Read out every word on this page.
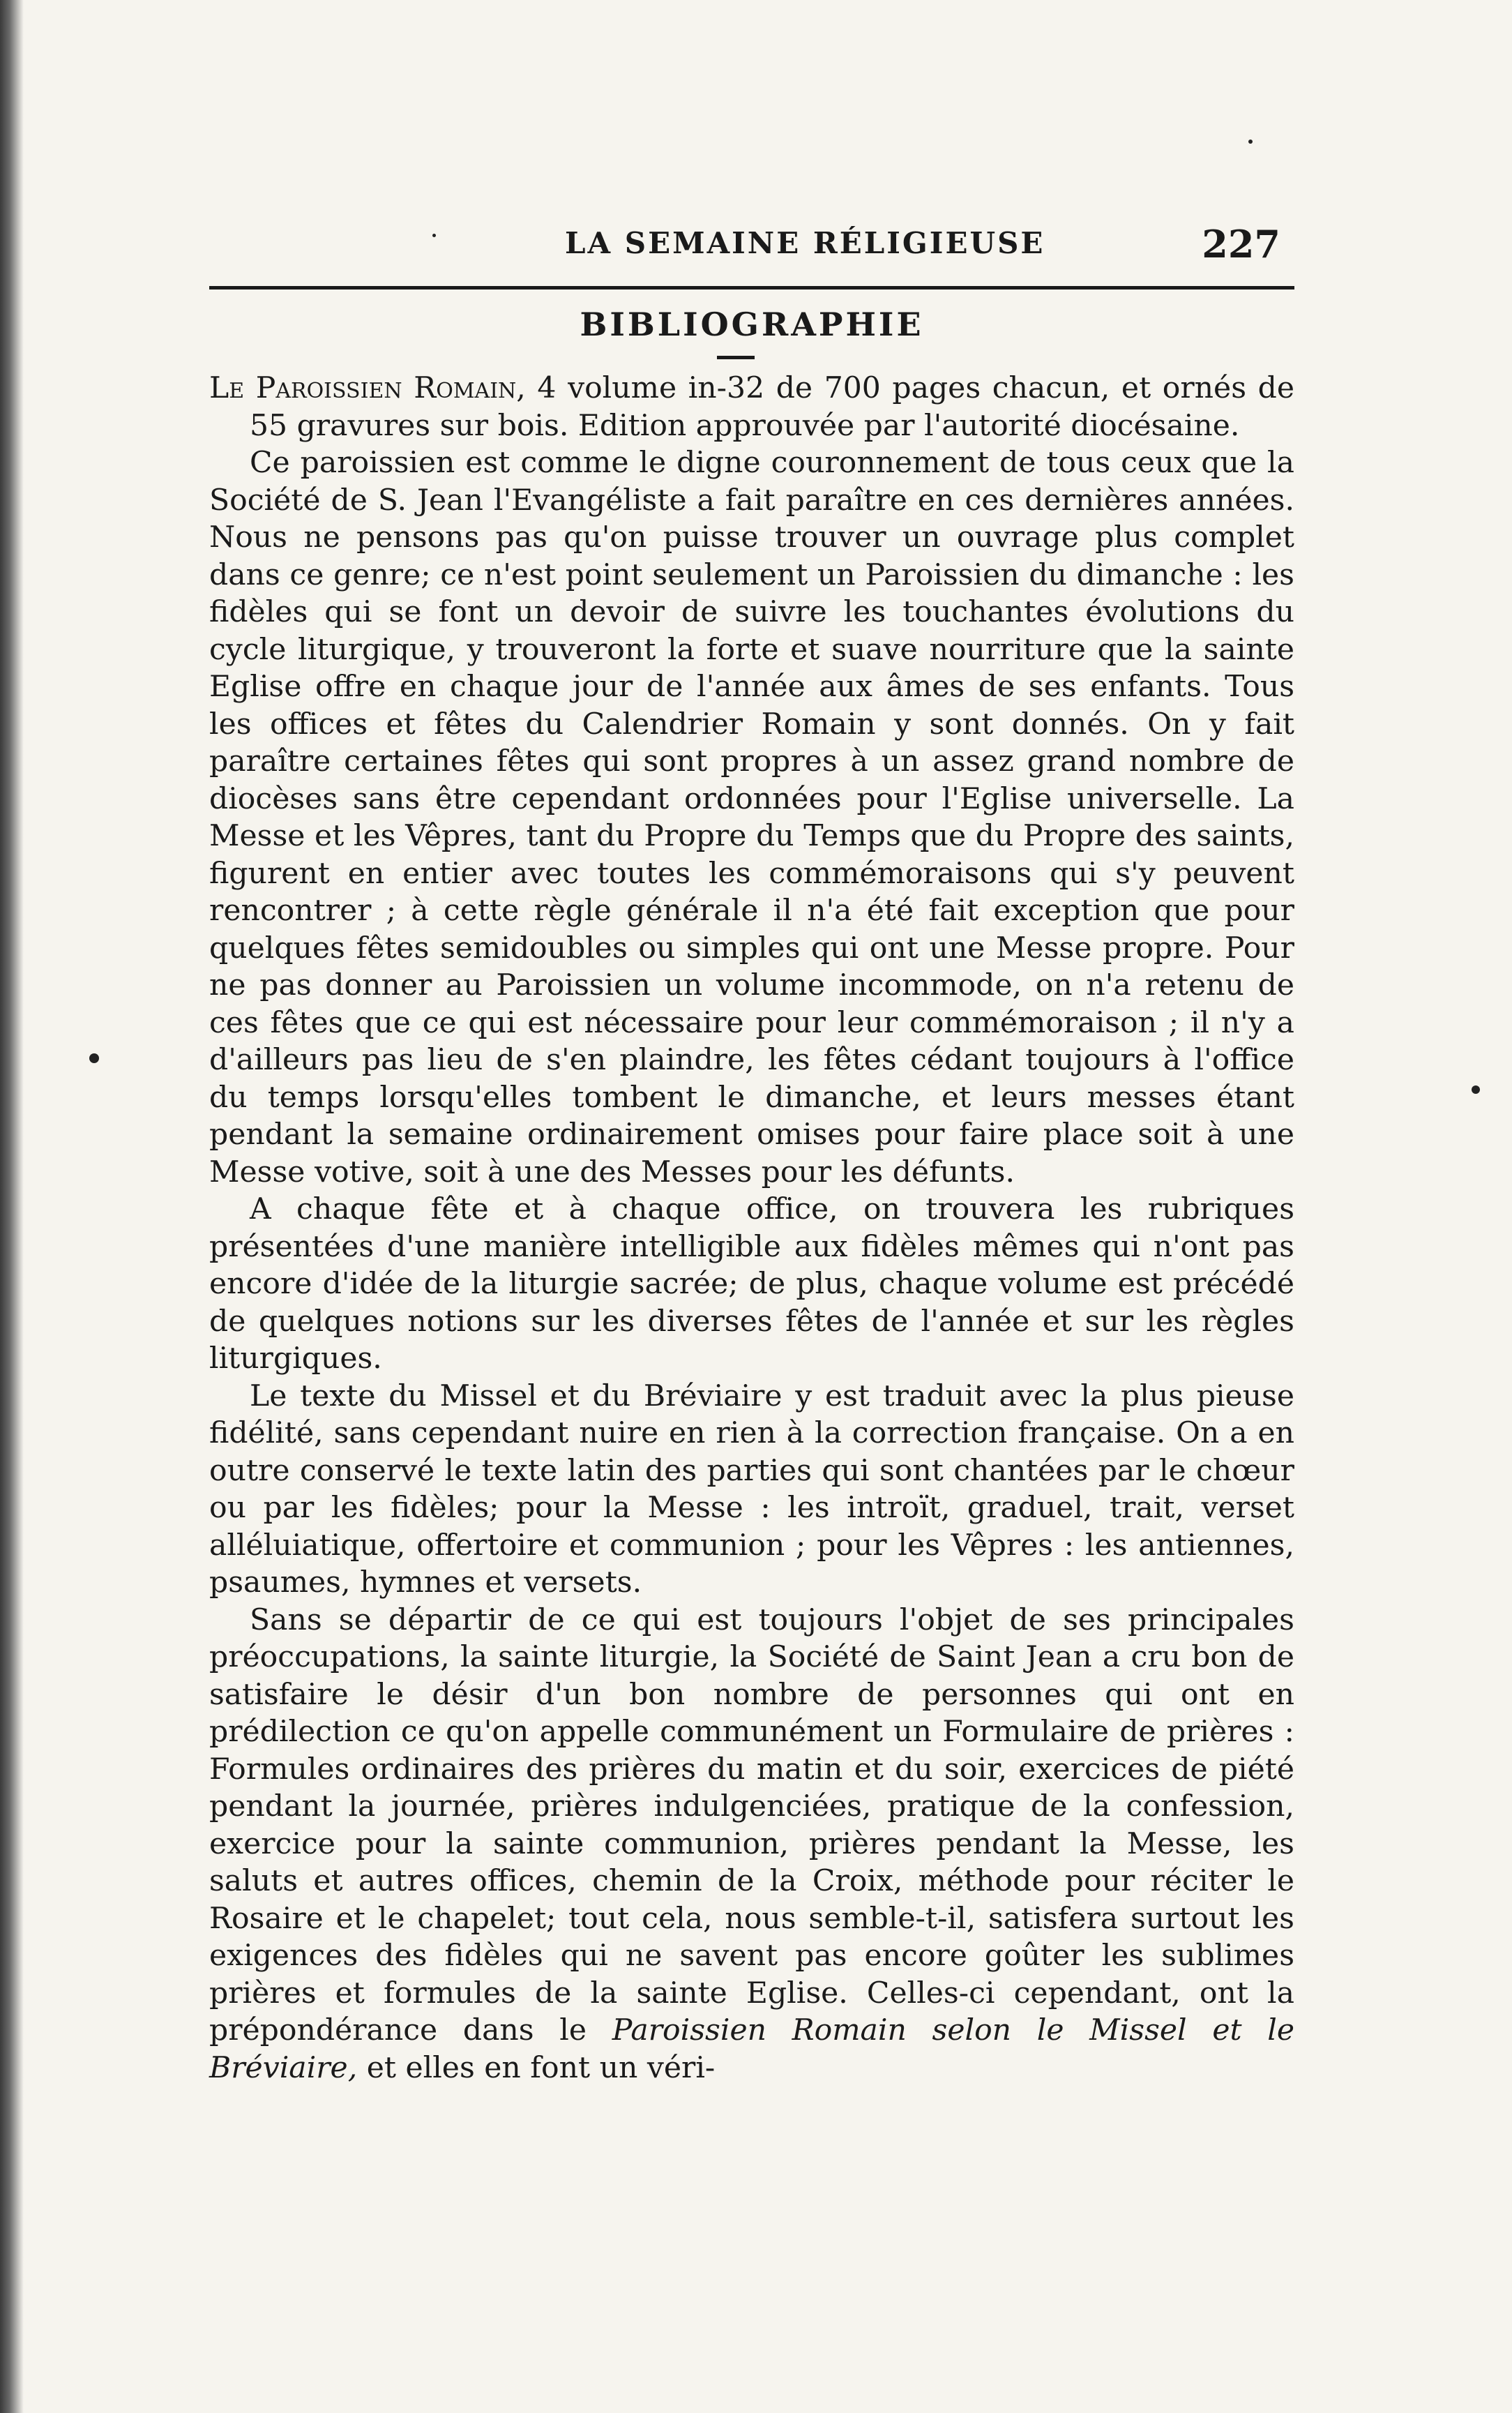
LA SEMAINE RÉLIGIEUSE	227
BIBLIOGRAPHIE

Le Paroissien Romain, 4 volume in-32 de 700 pages chacun, et ornés de 55 gravures sur bois. Edition approuvée par l'autorité diocésaine.

Ce paroissien est comme le digne couronnement de tous ceux que la Société de S. Jean l'Evangéliste a fait paraître en ces dernières années. Nous ne pensons pas qu'on puisse trouver un ouvrage plus complet dans ce genre; ce n'est point seulement un Paroissien du dimanche : les fidèles qui se font un devoir de suivre les touchantes évolutions du cycle liturgique, y trouveront la forte et suave nourriture que la sainte Eglise offre en chaque jour de l'année aux âmes de ses enfants. Tous les offices et fêtes du Calendrier Romain y sont donnés. On y fait paraître certaines fêtes qui sont propres à un assez grand nombre de diocèses sans être cependant ordonnées pour l'Eglise universelle. La Messe et les Vêpres, tant du Propre du Temps que du Propre des saints, figurent en entier avec toutes les commémoraisons qui s'y peuvent rencontrer ; à cette règle générale il n'a été fait exception que pour quelques fêtes semidoubles ou simples qui ont une Messe propre. Pour ne pas donner au Paroissien un volume incommode, on n'a retenu de ces fêtes que ce qui est nécessaire pour leur commémoraison ; il n'y a d'ailleurs pas lieu de s'en plaindre, les fêtes cédant toujours à l'office du temps lorsqu'elles tombent le dimanche, et leurs messes étant pendant la semaine ordinairement omises pour faire place soit à une Messe votive, soit à une des Messes pour les défunts.

A chaque fête et à chaque office, on trouvera les rubriques présentées d'une manière intelligible aux fidèles mêmes qui n'ont pas encore d'idée de la liturgie sacrée; de plus, chaque volume est précédé de quelques notions sur les diverses fêtes de l'année et sur les règles liturgiques.

Le texte du Missel et du Bréviaire y est traduit avec la plus pieuse fidélité, sans cependant nuire en rien à la correction française. On a en outre conservé le texte latin des parties qui sont chantées par le chœur ou par les fidèles; pour la Messe : les introït, graduel, trait, verset alléluiatique, offertoire et communion ; pour les Vêpres : les antiennes, psaumes, hymnes et versets.

Sans se départir de ce qui est toujours l'objet de ses principales préoccupations, la sainte liturgie, la Société de Saint Jean a cru bon de satisfaire le désir d'un bon nombre de personnes qui ont en prédilection ce qu'on appelle communément un Formulaire de prières : Formules ordinaires des prières du matin et du soir, exercices de piété pendant la journée, prières indulgenciées, pratique de la confession, exercice pour la sainte communion, prières pendant la Messe, les saluts et autres offices, chemin de la Croix, méthode pour réciter le Rosaire et le chapelet; tout cela, nous semble-t-il, satisfera surtout les exigences des fidèles qui ne savent pas encore goûter les sublimes prières et formules de la sainte Eglise. Celles-ci cependant, ont la prépondérance dans le Paroissien Romain selon le Missel et le Bréviaire, et elles en font un véri-
